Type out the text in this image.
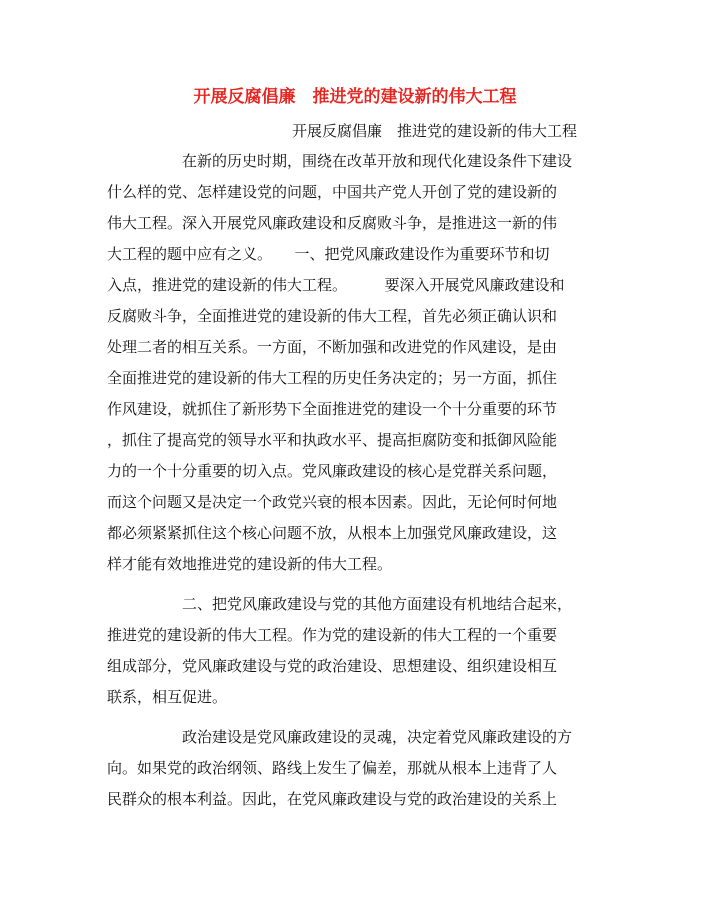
开展反腐倡廉　推进党的建设新的伟大工程
开展反腐倡廉　推进党的建设新的伟大工程
　　　　　在新的历史时期，围绕在改革开放和现代化建设条件下建设
什么样的党、怎样建设党的问题，中国共产党人开创了党的建设新的
伟大工程。深入开展党风廉政建设和反腐败斗争，是推进这一新的伟
大工程的题中应有之义。　　一、把党风廉政建设作为重要环节和切
入点，推进党的建设新的伟大工程。　　　要深入开展党风廉政建设和
反腐败斗争，全面推进党的建设新的伟大工程，首先必须正确认识和
处理二者的相互关系。一方面，不断加强和改进党的作风建设，是由
全面推进党的建设新的伟大工程的历史任务决定的；另一方面，抓住
作风建设，就抓住了新形势下全面推进党的建设一个十分重要的环节
，抓住了提高党的领导水平和执政水平、提高拒腐防变和抵御风险能
力的一个十分重要的切入点。党风廉政建设的核心是党群关系问题，
而这个问题又是决定一个政党兴衰的根本因素。因此，无论何时何地
都必须紧紧抓住这个核心问题不放，从根本上加强党风廉政建设，这
样才能有效地推进党的建设新的伟大工程。
　　　　　二、把党风廉政建设与党的其他方面建设有机地结合起来，
推进党的建设新的伟大工程。作为党的建设新的伟大工程的一个重要
组成部分，党风廉政建设与党的政治建设、思想建设、组织建设相互
联系，相互促进。
　　　　　政治建设是党风廉政建设的灵魂，决定着党风廉政建设的方
向。如果党的政治纲领、路线上发生了偏差，那就从根本上违背了人
民群众的根本利益。因此，在党风廉政建设与党的政治建设的关系上
